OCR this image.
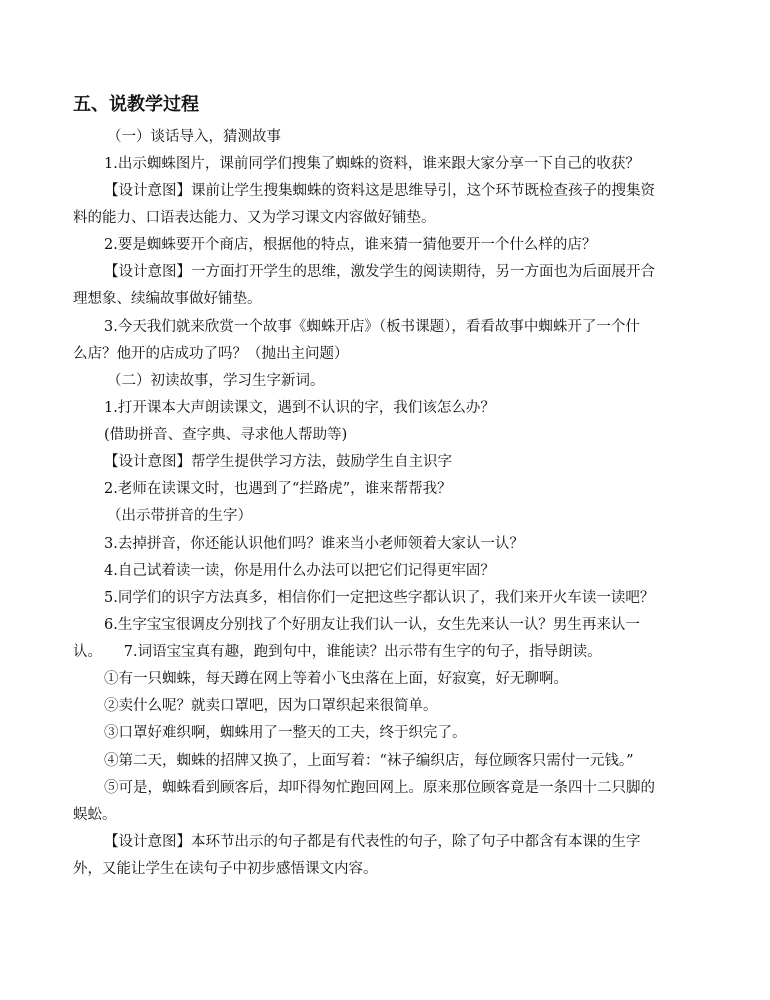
五、说教学过程
（一）谈话导入，猜测故事
1.出示蜘蛛图片，课前同学们搜集了蜘蛛的资料，谁来跟大家分享一下自己的收获？
【设计意图】课前让学生搜集蜘蛛的资料这是思维导引，这个环节既检查孩子的搜集资
料的能力、口语表达能力、又为学习课文内容做好铺垫。
2.要是蜘蛛要开个商店，根据他的特点，谁来猜一猜他要开一个什么样的店？
【设计意图】一方面打开学生的思维，激发学生的阅读期待，另一方面也为后面展开合
理想象、续编故事做好铺垫。
3.今天我们就来欣赏一个故事《蜘蛛开店》（板书课题），看看故事中蜘蛛开了一个什
么店？他开的店成功了吗？（抛出主问题）
（二）初读故事，学习生字新词。
1.打开课本大声朗读课文，遇到不认识的字，我们该怎么办？
(借助拼音、查字典、寻求他人帮助等)
【设计意图】帮学生提供学习方法，鼓励学生自主识字
2.老师在读课文时，也遇到了“拦路虎”，谁来帮帮我？
（出示带拼音的生字）
3.去掉拼音，你还能认识他们吗？谁来当小老师领着大家认一认？
4.自己试着读一读，你是用什么办法可以把它们记得更牢固？
5.同学们的识字方法真多，相信你们一定把这些字都认识了，我们来开火车读一读吧？
6.生字宝宝很调皮分别找了个好朋友让我们认一认，女生先来认一认？男生再来认一
认。　　7.词语宝宝真有趣，跑到句中，谁能读？出示带有生字的句子，指导朗读。
①有一只蜘蛛，每天蹲在网上等着小飞虫落在上面，好寂寞，好无聊啊。
②卖什么呢？就卖口罩吧，因为口罩织起来很简单。
③口罩好难织啊，蜘蛛用了一整天的工夫，终于织完了。
④第二天，蜘蛛的招牌又换了，上面写着：“袜子编织店，每位顾客只需付一元钱。”
⑤可是，蜘蛛看到顾客后，却吓得匆忙跑回网上。原来那位顾客竟是一条四十二只脚的
蜈蚣。
【设计意图】本环节出示的句子都是有代表性的句子，除了句子中都含有本课的生字
外，又能让学生在读句子中初步感悟课文内容。
